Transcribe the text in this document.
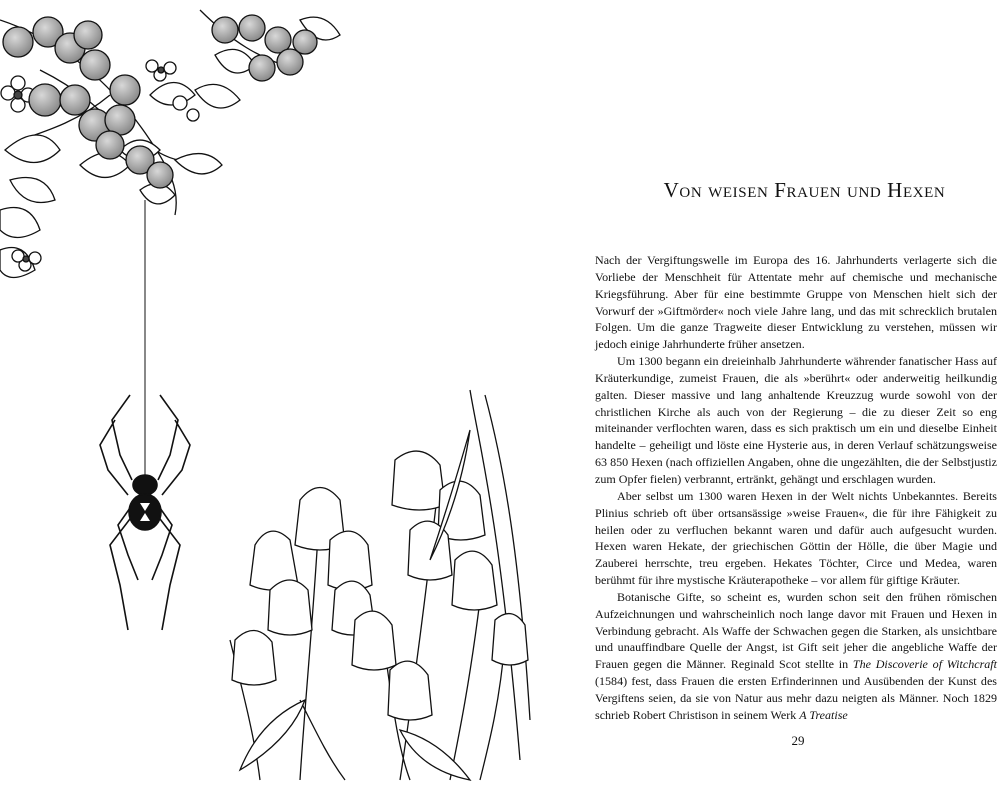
Von weisen Frauen und Hexen

Nach der Vergiftungswelle im Europa des 16. Jahrhunderts verlagerte sich die Vorliebe der Menschheit für Attentate mehr auf chemische und mechanische Kriegsführung. Aber für eine bestimmte Gruppe von Menschen hielt sich der Vorwurf der »Giftmörder« noch viele Jahre lang, und das mit schrecklich brutalen Folgen. Um die ganze Tragweite dieser Entwicklung zu verstehen, müssen wir jedoch einige Jahrhunderte früher ansetzen.

Um 1300 begann ein dreieinhalb Jahrhunderte währender fanatischer Hass auf Kräuterkundige, zumeist Frauen, die als »berührt« oder anderweitig heilkundig galten. Dieser massive und lang anhaltende Kreuzzug wurde sowohl von der christlichen Kirche als auch von der Regierung – die zu dieser Zeit so eng miteinander verflochten waren, dass es sich praktisch um ein und dieselbe Einheit handelte – geheiligt und löste eine Hysterie aus, in deren Verlauf schätzungsweise 63 850 Hexen (nach offiziellen Angaben, ohne die ungezählten, die der Selbstjustiz zum Opfer fielen) verbrannt, ertränkt, gehängt und erschlagen wurden.

Aber selbst um 1300 waren Hexen in der Welt nichts Unbekanntes. Bereits Plinius schrieb oft über ortsansässige »weise Frauen«, die für ihre Fähigkeit zu heilen oder zu verfluchen bekannt waren und dafür auch aufgesucht wurden. Hexen waren Hekate, der griechischen Göttin der Hölle, die über Magie und Zauberei herrschte, treu ergeben. Hekates Töchter, Circe und Medea, waren berühmt für ihre mystische Kräuterapotheke – vor allem für giftige Kräuter.

Botanische Gifte, so scheint es, wurden schon seit den frühen römischen Aufzeichnungen und wahrscheinlich noch lange davor mit Frauen und Hexen in Verbindung gebracht. Als Waffe der Schwachen gegen die Starken, als unsichtbare und unauffindbare Quelle der Angst, ist Gift seit jeher die angebliche Waffe der Frauen gegen die Männer. Reginald Scot stellte in The Discoverie of Witchcraft (1584) fest, dass Frauen die ersten Erfinderinnen und Ausübenden der Kunst des Vergiftens seien, da sie von Natur aus mehr dazu neigten als Männer. Noch 1829 schrieb Robert Christison in seinem Werk A Treatise

29
